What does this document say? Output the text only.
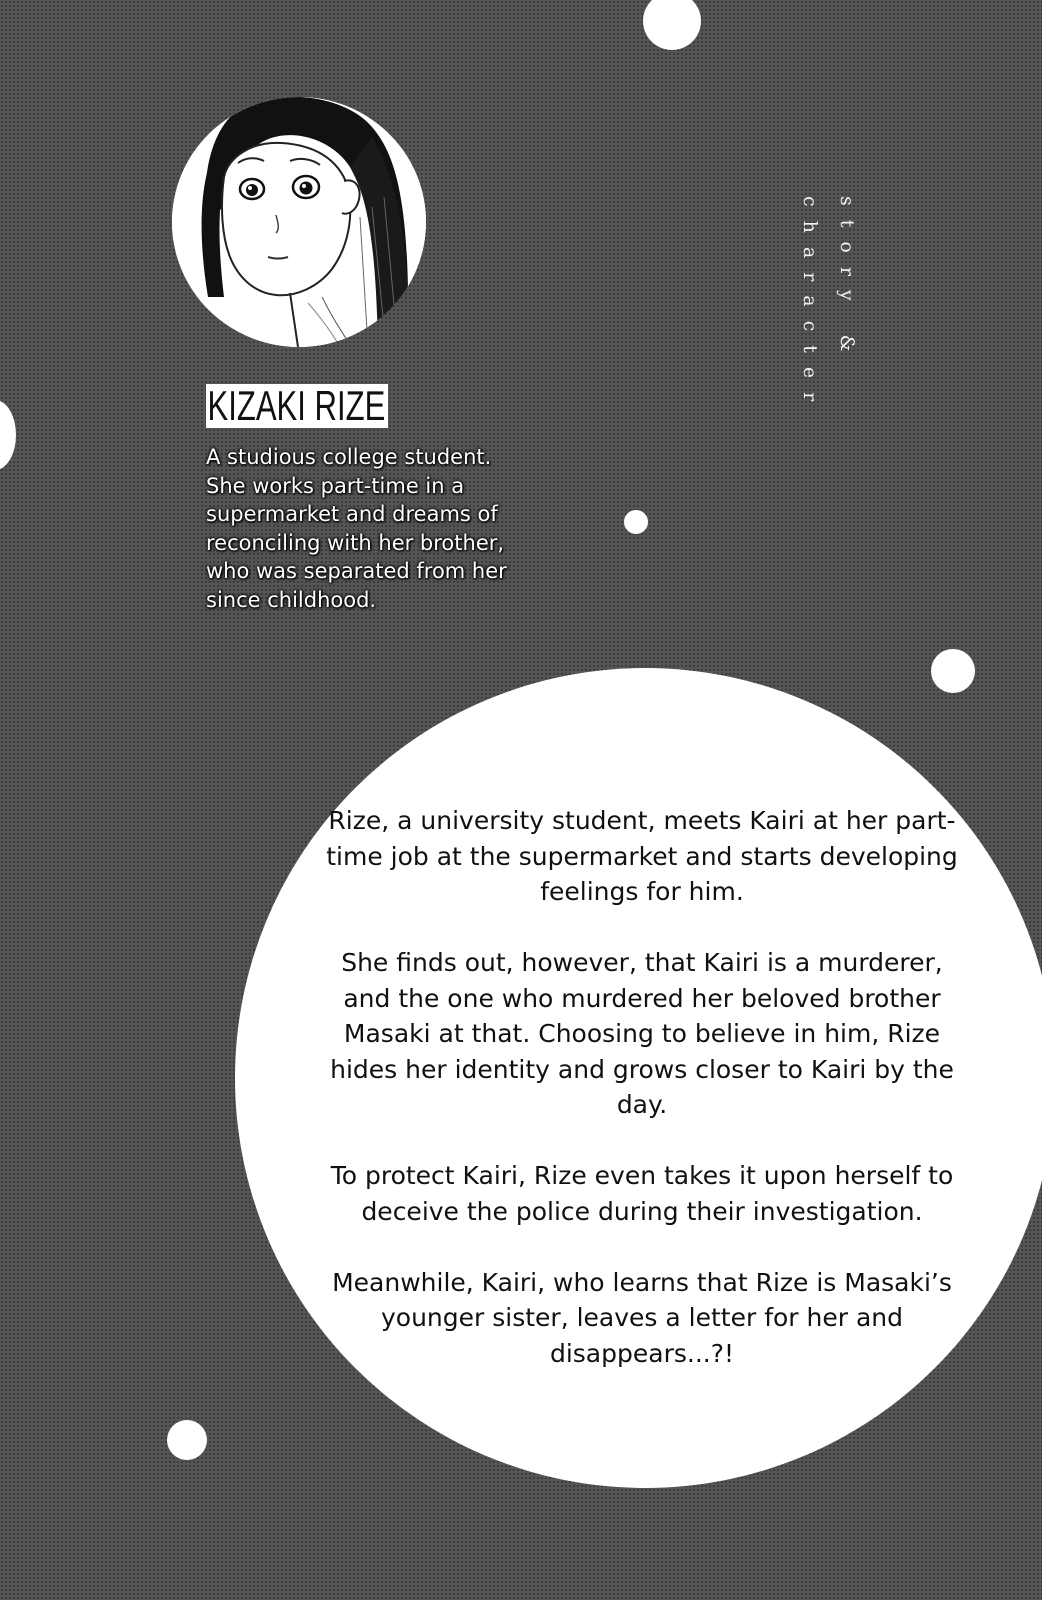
story &
character
KIZAKI RIZE
A studious college student. She works part-time in a supermarket and dreams of reconciling with her brother, who was separated from her since childhood.

Rize, a university student, meets Kairi at her part-time job at the supermarket and starts developing feelings for him.

She finds out, however, that Kairi is a murderer, and the one who murdered her beloved brother Masaki at that. Choosing to believe in him, Rize hides her identity and grows closer to Kairi by the day.

To protect Kairi, Rize even takes it upon herself to deceive the police during their investigation.

Meanwhile, Kairi, who learns that Rize is Masaki’s younger sister, leaves a letter for her and disappears...?!
